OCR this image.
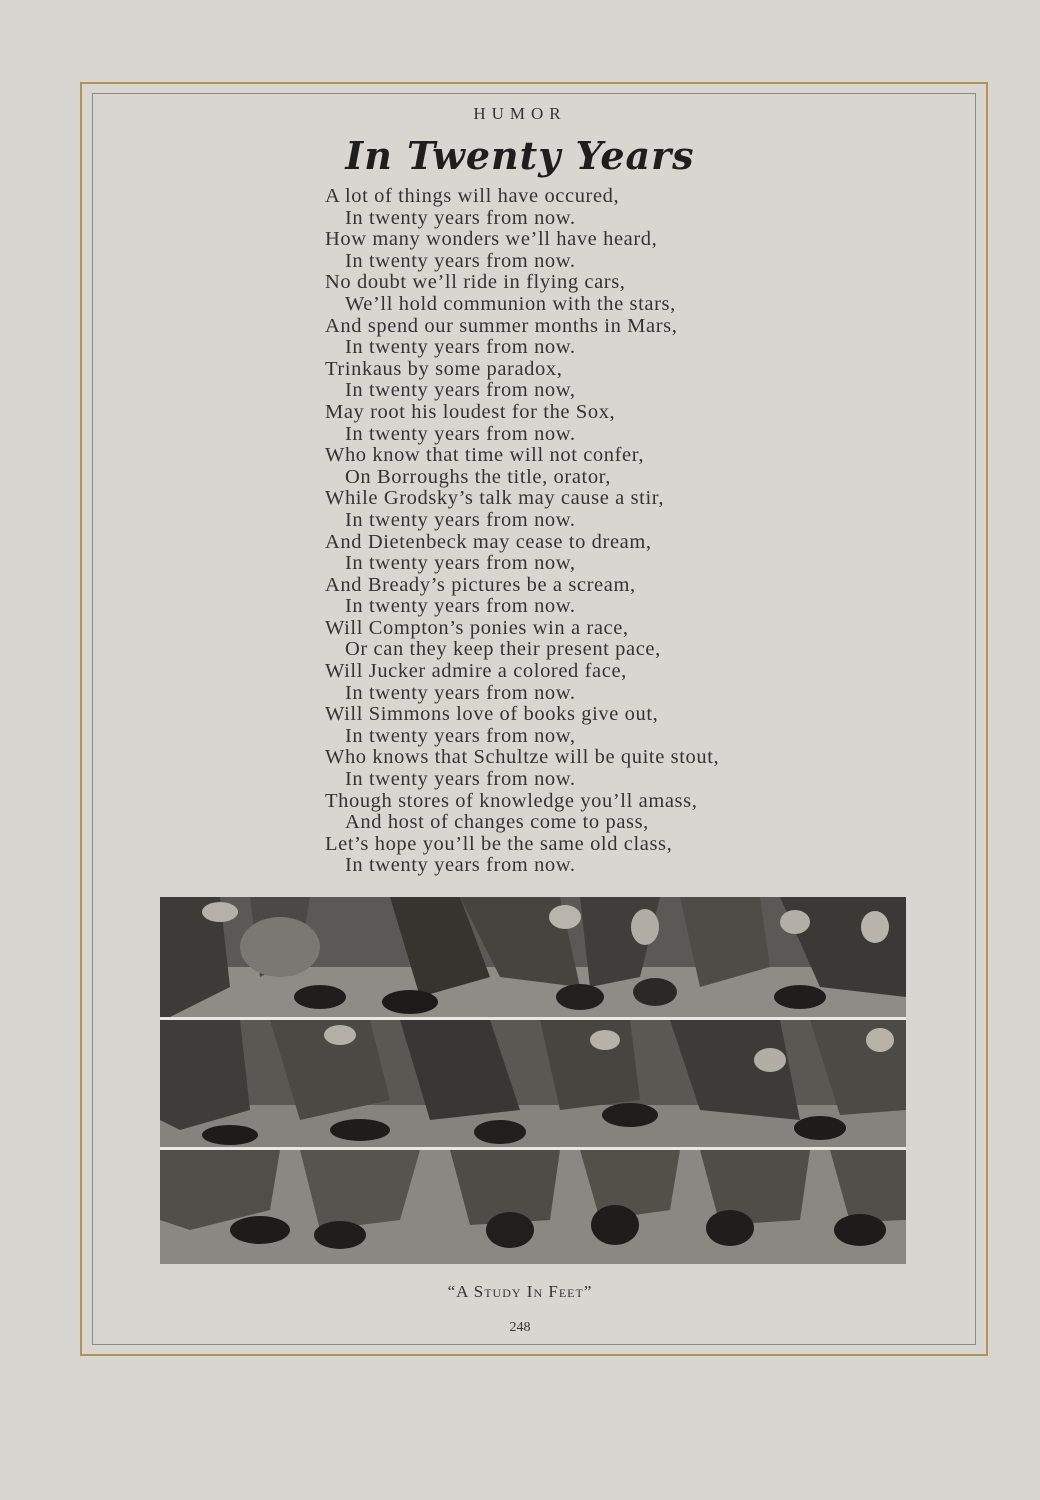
HUMOR
In Twenty Years
A lot of things will have occured,
In twenty years from now.
How many wonders we’ll have heard,
In twenty years from now.
No doubt we’ll ride in flying cars,
We’ll hold communion with the stars,
And spend our summer months in Mars,
In twenty years from now.
Trinkaus by some paradox,
In twenty years from now,
May root his loudest for the Sox,
In twenty years from now.
Who know that time will not confer,
On Borroughs the title, orator,
While Grodsky’s talk may cause a stir,
In twenty years from now.
And Dietenbeck may cease to dream,
In twenty years from now,
And Bready’s pictures be a scream,
In twenty years from now.
Will Compton’s ponies win a race,
Or can they keep their present pace,
Will Jucker admire a colored face,
In twenty years from now.
Will Simmons love of books give out,
In twenty years from now,
Who knows that Schultze will be quite stout,
In twenty years from now.
Though stores of knowledge you’ll amass,
And host of changes come to pass,
Let’s hope you’ll be the same old class,
In twenty years from now.
“A Study In Feet”
248
